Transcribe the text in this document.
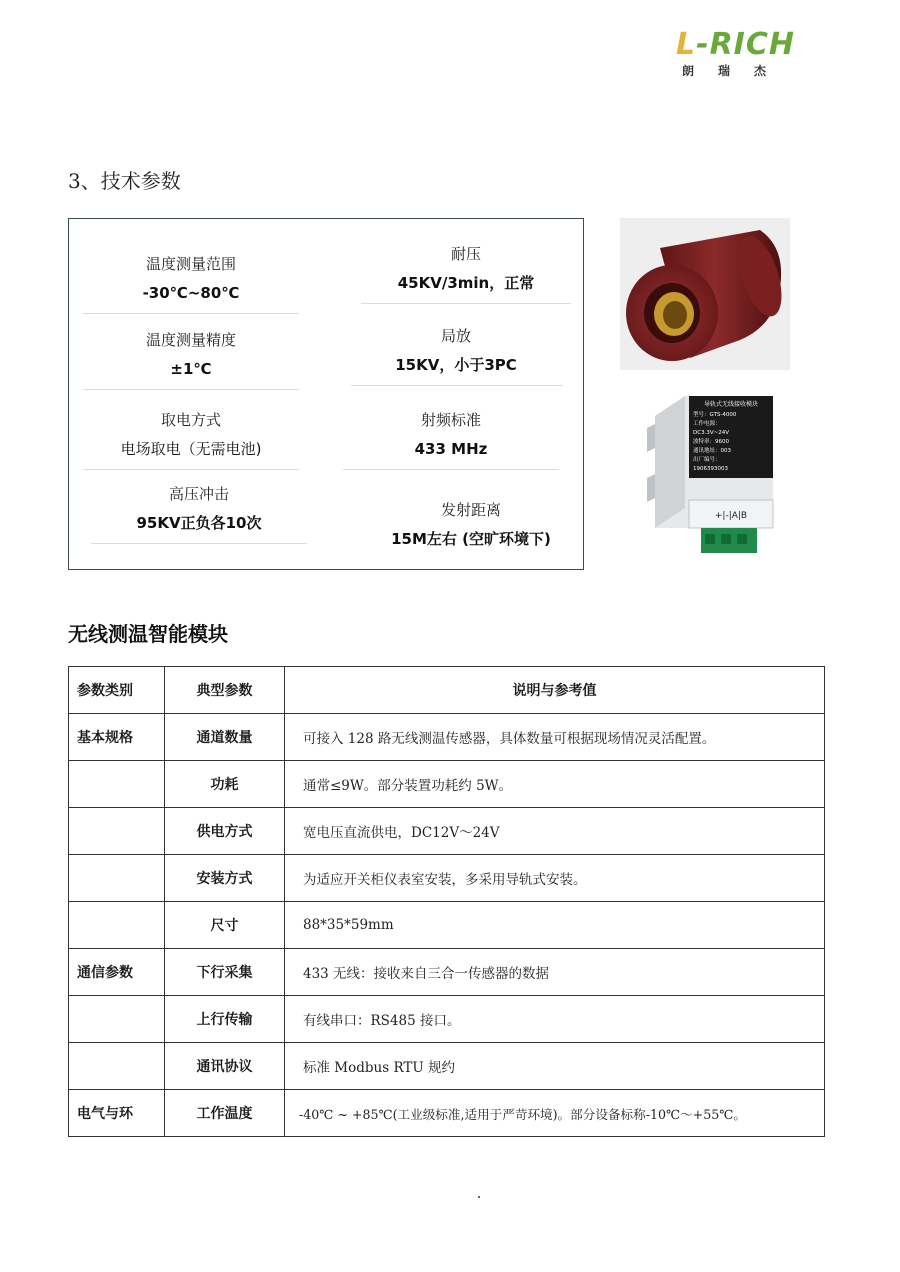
L-RICH
朗瑞杰
3、技术参数
温度测量范围
-30℃~80℃
耐压
45KV/3min，正常
温度测量精度
±1℃
局放
15KV，小于3PC
取电方式
电场取电（无需电池)
射频标准
433 MHz
高压冲击
95KV正负各10次
发射距离
15M左右 (空旷环境下)
导轨式无线接收模块
型号：GTS-4000
工作电源：
DC3.3V~24V
波特率：9600
通讯地址：003
出厂编号：
1906393003
+|-|A|B
无线测温智能模块
参数类别	典型参数	说明与参考值
基本规格	通道数量	可接入 128 路无线测温传感器，具体数量可根据现场情况灵活配置。
	功耗	通常≤9W。部分装置功耗约 5W。
	供电方式	宽电压直流供电，DC12V～24V
	安装方式	为适应开关柜仪表室安装，多采用导轨式安装。
	尺寸	88*35*59mm
通信参数	下行采集	433 无线：接收来自三合一传感器的数据
	上行传输	有线串口：RS485 接口。
	通讯协议	标准 Modbus RTU 规约
电气与环	工作温度	-40℃ ~ +85℃(工业级标准,适用于严苛环境)。部分设备标称-10℃～+55℃。
